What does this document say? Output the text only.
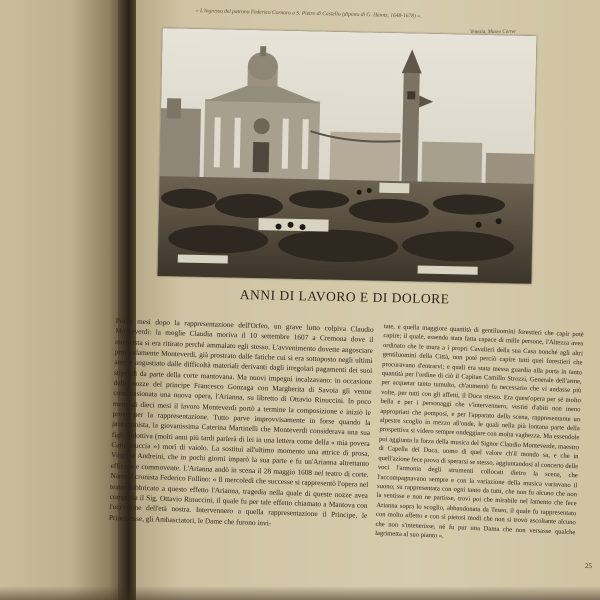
« L'ingresso del patrono Federico Cornaro a S. Pietro di Castello (dipinto di G. Heintz, 1648-1678) ».
Venezia, Museo Correr
ANNI DI LAVORO E DI DOLORE

Pochi mesi dopo la rappresentazione dell'Orfeo, un grave lutto colpiva Claudio Monteverdi: la moglie Claudia moriva il 10 settembre 1607 a Cremona dove il musicista si era ritirato perché ammalato egli stesso. L'avvenimento dovette angosciare profondamente Monteverdi, già prostrato dalle fatiche cui si era sottoposto negli ultimi anni e angustiato dalle difficoltà materiali derivanti dagli irregolari pagamenti dei suoi stipendi da parte della corte mantovana. Ma nuovi impegni incalzavano: in occasione delle nozze del principe Francesco Gonzaga con Margherita di Savoia gli venne commissionata una nuova opera, l'Arianna, su libretto di Ottavio Rinuccini. In poco meno di dieci mesi il lavoro Monteverdi portò a termine la composizione e iniziò le prove per la rappresentazione. Tutto parve improvvisamente in forse quando la protagonista, la giovanissima Caterina Martinelli che Monteverdi considerava una sua figlia adottiva (molti anni più tardi parlerà di lei in una lettera come della « mia povera Catterinuccia ») morì di vaiolo. La sostituì all'ultimo momento una attrice di prosa, Virginia Andreini, che in pochi giorni imparò la sua parte e fu un'Arianna altrettanto efficace e commovente. L'Arianna andò in scena il 28 maggio 1608 nel teatro di corte. Narra il cronista Federico Follino: « Il mercoledì che successe si rappresentò l'opera nel teatro fabbricato a questo effetto l'Arianna, tragedia nella quale di queste nozze avea composta il Sig. Ottavio Rinuccini, il quale fu per tale effetto chiamato a Mantova con l'occasione dell'età nostra. Intervennero a quella rappresentazione il Principe, le Principesse, gli Ambasciatori, le Dame che furono invi-

tate, e quella maggiore quantità di gentiluomini forestieri che capir potè capire; il quale, essendo stata fatta capace di mille persone, l'Altezza avea ordinato che le mura a i propri Cavalieri della sua Casa nonché agli altri gentiluomini della Città, non poté perciò capire tutti quei forestieri che procuravano d'entrarvi; e quali era stata messa guardia alla porta in tanto quantità per l'ordine di ciò il Capitan Camillo Strozzi, Generale dell'arme, per acquetar tanto tumulto, ch'aumentò fu necessario che vi andasse più volte, per tutti con gli affetti, il Duca stesso. Era quest'opera per sé molto bella e per i personaggi che v'intervennero, vestiti d'abiti non meno appropriati che pomposi, e per l'apparato della scena, rappresentante un alpestre scoglio in mezzo all'onde, le quali nella più lontana parte della prospettiva si videro sempre ondeggiare con molta vaghezza. Ma essendole poi aggiunta la forza della musica del Signor Claudio Monteverde, maestro di Capella del Duca, uomo di quel valore ch'il mondo sa, e che in quell'azione fece prova di sperarsi se stesso, aggiuntandosi al concerto delle voci l'armonia degli strumenti collocati dietro la scena, che l'accompagnavano sempre e con la variazione della musica variavano il suono; su rappresentata con ogni tanto da tutti, che non fu alcuno che non la sentisse e non ne partisse, trovi poi che mirabile nel lamento che fece Arianna sopra lo scoglio, abbandonata da Teseo, il quale fu rappresentato con molto affetto e con sì pietosi modi che non si trovò ascoltante alcuno che non s'intenerisse, né fu pur una Dama che non versasse qualche lagrimetta al suo pianto ».

25
